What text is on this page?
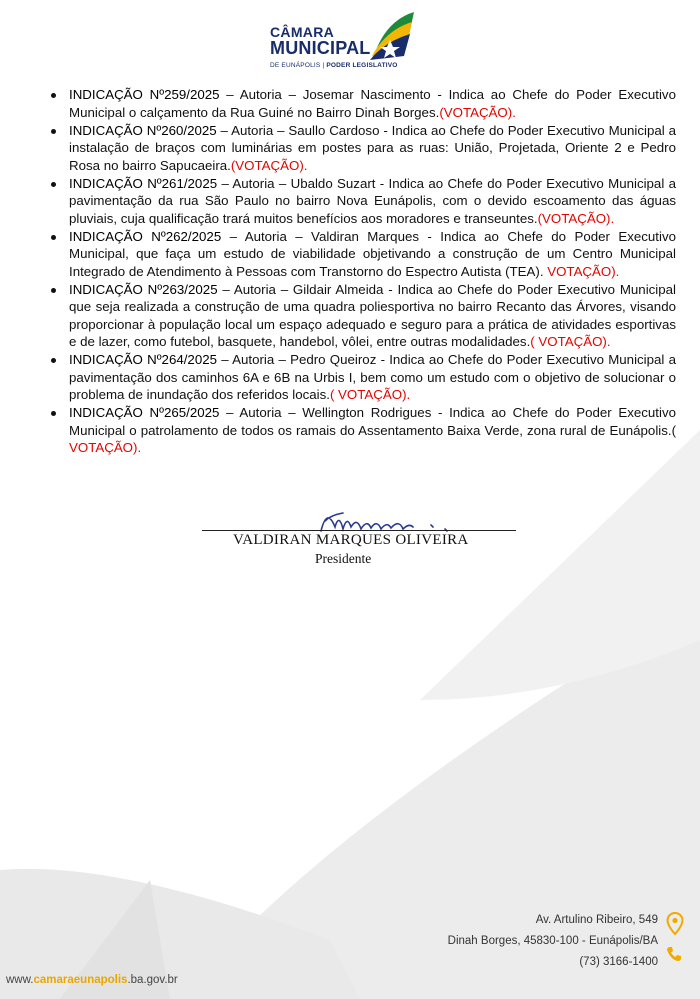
CÂMARA
MUNICIPAL
DE EUNÁPOLIS | PODER LEGISLATIVO
INDICAÇÃO Nº259/2025 – Autoria – Josemar Nascimento - Indica ao Chefe do Poder Executivo Municipal o calçamento da Rua Guiné no Bairro Dinah Borges.(VOTAÇÃO).
INDICAÇÃO Nº260/2025 – Autoria – Saullo Cardoso - Indica ao Chefe do Poder Executivo Municipal a instalação de braços com luminárias em postes para as ruas: União, Projetada, Oriente 2 e Pedro Rosa no bairro Sapucaeira.(VOTAÇÃO).
INDICAÇÃO Nº261/2025 – Autoria – Ubaldo Suzart - Indica ao Chefe do Poder Executivo Municipal a pavimentação da rua São Paulo no bairro Nova Eunápolis, com o devido escoamento das águas pluviais, cuja qualificação trará muitos benefícios aos moradores e transeuntes.(VOTAÇÃO).
INDICAÇÃO Nº262/2025 – Autoria – Valdiran Marques - Indica ao Chefe do Poder Executivo Municipal, que faça um estudo de viabilidade objetivando a construção de um Centro Municipal Integrado de Atendimento à Pessoas com Transtorno do Espectro Autista (TEA). VOTAÇÃO).
INDICAÇÃO Nº263/2025 – Autoria – Gildair Almeida - Indica ao Chefe do Poder Executivo Municipal que seja realizada a construção de uma quadra poliesportiva no bairro Recanto das Árvores, visando proporcionar à população local um espaço adequado e seguro para a prática de atividades esportivas e de lazer, como futebol, basquete, handebol, vôlei, entre outras modalidades.( VOTAÇÃO).
INDICAÇÃO Nº264/2025 – Autoria – Pedro Queiroz - Indica ao Chefe do Poder Executivo Municipal a pavimentação dos caminhos 6A e 6B na Urbis I, bem como um estudo com o objetivo de solucionar o problema de inundação dos referidos locais.( VOTAÇÃO).
INDICAÇÃO Nº265/2025 – Autoria – Wellington Rodrigues - Indica ao Chefe do Poder Executivo Municipal o patrolamento de todos os ramais do Assentamento Baixa Verde, zona rural de Eunápolis.( VOTAÇÃO).
VALDIRAN MARQUES OLIVEIRA
Presidente
Av. Artulino Ribeiro, 549
Dinah Borges, 45830-100 - Eunápolis/BA
(73) 3166-1400
www.camaraeunapolis.ba.gov.br
